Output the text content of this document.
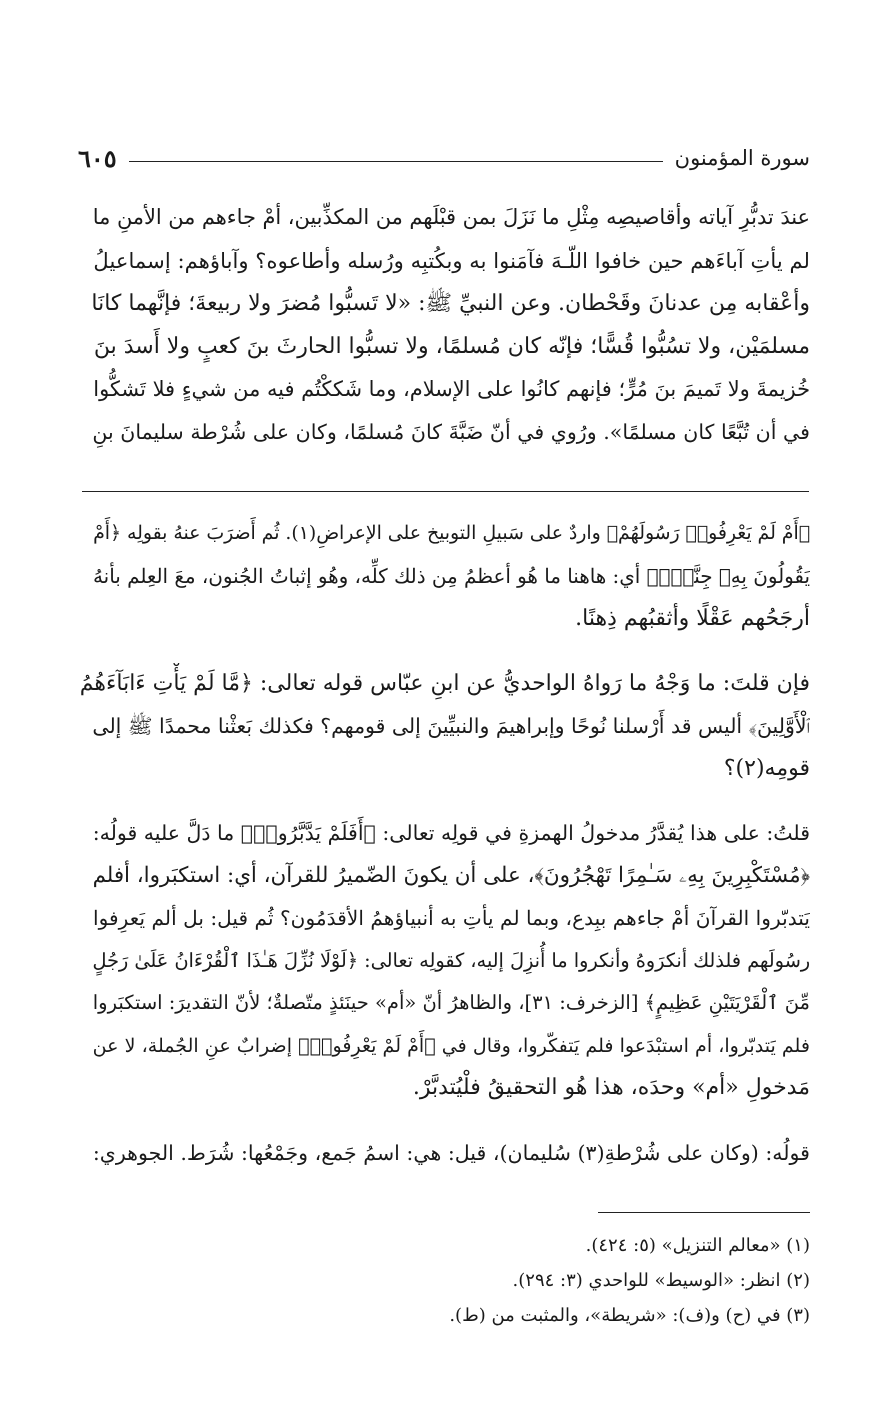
سورة المؤمنون
٦٠٥
عندَ تدبُّرِ آياته وأقاصيصِه مِثْلِ ما نَزَلَ بمن قبْلَهم من المكذِّبين، أمْ جاءهم من الأمنِ ما
لم يأتِ آباءَهم حين خافوا اللّـهَ فآمَنوا به وبكُتبِه ورُسله وأطاعوه؟ وآباؤهم: إسماعيلُ
وأعْقابه مِن عدنانَ وقَحْطان. وعن النبيِّ ﷺ: «لا تَسبُّوا مُضرَ ولا ربيعةَ؛ فإنَّهما كانَا
مسلمَيْن، ولا تسُبُّوا قُسًّا؛ فإنّه كان مُسلمًا، ولا تسبُّوا الحارثَ بنَ كعبٍ ولا أَسدَ بنَ
خُزيمةَ ولا تَميمَ بنَ مُرٍّ؛ فإنهم كانُوا على الإسلام، وما شَككْتُم فيه من شيءٍ فلا تَشكُّوا
في أن تُبَّعًا كان مسلمًا». ورُوي في أنّ ضَبَّةَ كانَ مُسلمًا، وكان على شُرْطة سليمانَ بنِ
﴿أَمْ لَمْ يَعْرِفُوا۟ رَسُولَهُمْ﴾ واردٌ على سَبيلِ التوبيخ على الإعراضِ(١). ثُم أَضرَبَ عنهُ بقولِه ﴿أَمْ
يَقُولُونَ بِهِۦ جِنَّةٌۢ﴾ أي: هاهنا ما هُو أعظمُ مِن ذلك كلِّه، وهُو إثباتُ الجُنون، معَ العِلم بأنهُ
أرجَحُهم عَقْلًا وأثقبُهم ذِهنًا.
فإن قلتَ: ما وَجْهُ ما رَواهُ الواحديُّ عن ابنِ عبّاس قوله تعالى: ﴿مَّا لَمْ يَأْتِ ءَابَآءَهُمُ
ٱلْأَوَّلِينَ﴾ أليس قد أَرْسلنا نُوحًا وإبراهيمَ والنبيِّينَ إلى قومهم؟ فكذلك بَعثْنا محمدًا ﷺ إلى
قومِه(٢)؟
قلتُ: على هذا يُقدَّرُ مدخولُ الهمزةِ في قولِه تعالى: ﴿أَفَلَمْ يَدَّبَّرُوا۟﴾ ما دَلَّ عليه قولُه:
﴿مُسْتَكْبِرِينَ بِهِۦ سَـٰمِرًا تَهْجُرُونَ﴾، على أن يكونَ الضّميرُ للقرآن، أي: استكبَروا، أفلم
يَتدبّروا القرآنَ أمْ جاءهم ببِدع، وبما لم يأتِ به أنبياؤهمُ الأقدَمُون؟ ثُم قيل: بل ألم يَعرِفوا
رسُولَهم فلذلك أنكرَوهُ وأنكروا ما أُنزِلَ إليه، كقولِه تعالى: ﴿لَوْلَا نُزِّلَ هَـٰذَا ٱلْقُرْءَانُ عَلَىٰ رَجُلٍ
مِّنَ ٱلْقَرْيَتَيْنِ عَظِيمٍ﴾ [الزخرف: ٣١]، والظاهرُ أنّ «أم» حينَئذٍ متّصلةٌ؛ لأنّ التقديرَ: استكبَروا
فلم يَتدبّروا، أم استبْدَعوا فلم يَتفكّروا، وقال في ﴿أَمْ لَمْ يَعْرِفُوا۟﴾ إضرابٌ عنِ الجُملة، لا عن
مَدخولِ «أم» وحدَه، هذا هُو التحقيقُ فلْيُتدبَّرْ.
قولُه: (وكان على شُرْطةِ(٣) سُليمان)، قيل: هي: اسمُ جَمع، وجَمْعُها: شُرَط. الجوهري:
(١) «معالم التنزيل» (٥: ٤٢٤).
(٢) انظر: «الوسيط» للواحدي (٣: ٢٩٤).
(٣) في (ح) و(ف): «شريطة»، والمثبت من (ط).
